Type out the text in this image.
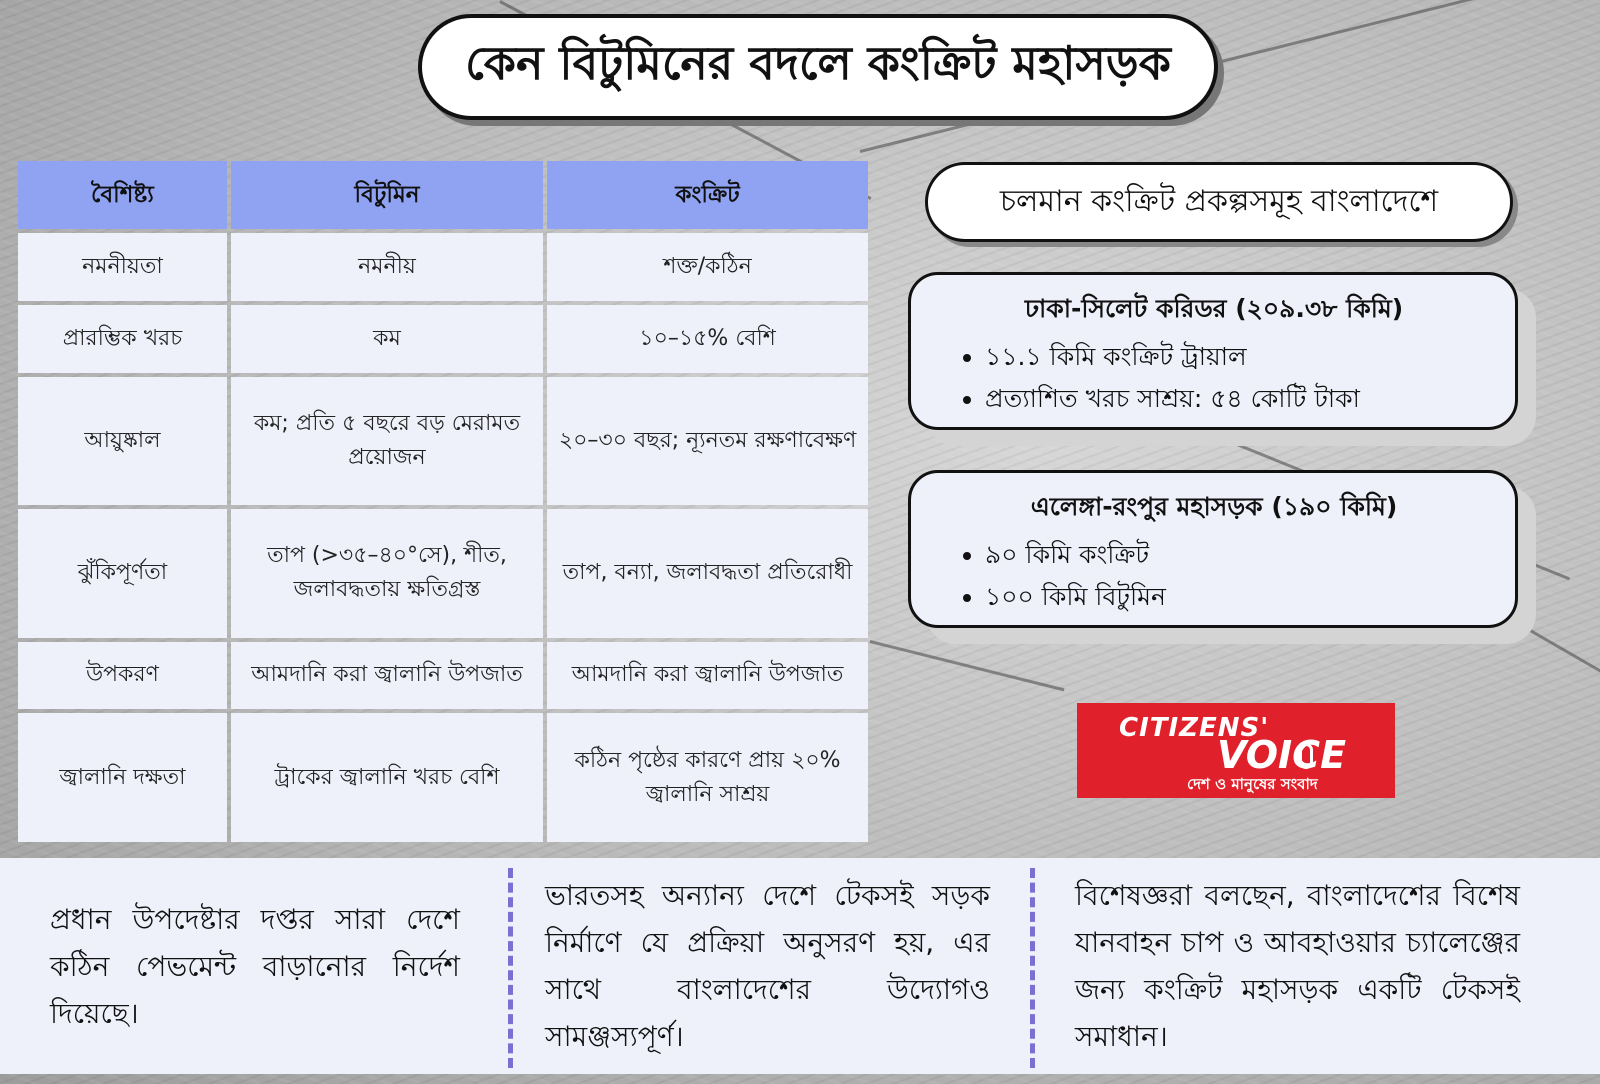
কেন বিটুমিনের বদলে কংক্রিট মহাসড়ক
বৈশিষ্ট্য	বিটুমিন	কংক্রিট
নমনীয়তা	নমনীয়	শক্ত/কঠিন
প্রারম্ভিক খরচ	কম	১০–১৫% বেশি
আয়ুষ্কাল	কম; প্রতি ৫ বছরে বড় মেরামত প্রয়োজন	২০–৩০ বছর; ন্যূনতম রক্ষণাবেক্ষণ
ঝুঁকিপূর্ণতা	তাপ (>৩৫–৪০°সে), শীত, জলাবদ্ধতায় ক্ষতিগ্রস্ত	তাপ, বন্যা, জলাবদ্ধতা প্রতিরোধী
উপকরণ	আমদানি করা জ্বালানি উপজাত	আমদানি করা জ্বালানি উপজাত
জ্বালানি দক্ষতা	ট্রাকের জ্বালানি খরচ বেশি	কঠিন পৃষ্ঠের কারণে প্রায় ২০% জ্বালানি সাশ্রয়
চলমান কংক্রিট প্রকল্পসমূহ বাংলাদেশে
ঢাকা-সিলেট করিডর (২০৯.৩৮ কিমি)
• ১১.১ কিমি কংক্রিট ট্রায়াল
• প্রত্যাশিত খরচ সাশ্রয়: ৫৪ কোটি টাকা
এলেঙ্গা-রংপুর মহাসড়ক (১৯০ কিমি)
• ৯০ কিমি কংক্রিট
• ১০০ কিমি বিটুমিন
CITIZENS'
VOICE
দেশ ও মানুষের সংবাদ

প্রধান উপদেষ্টার দপ্তর সারা দেশে কঠিন পেভমেন্ট বাড়ানোর নির্দেশ দিয়েছে।

ভারতসহ অন্যান্য দেশে টেকসই সড়ক নির্মাণে যে প্রক্রিয়া অনুসরণ হয়, এর সাথে বাংলাদেশের উদ্যোগও সামঞ্জস্যপূর্ণ।

বিশেষজ্ঞরা বলছেন, বাংলাদেশের বিশেষ যানবাহন চাপ ও আবহাওয়ার চ্যালেঞ্জের জন্য কংক্রিট মহাসড়ক একটি টেকসই সমাধান।
